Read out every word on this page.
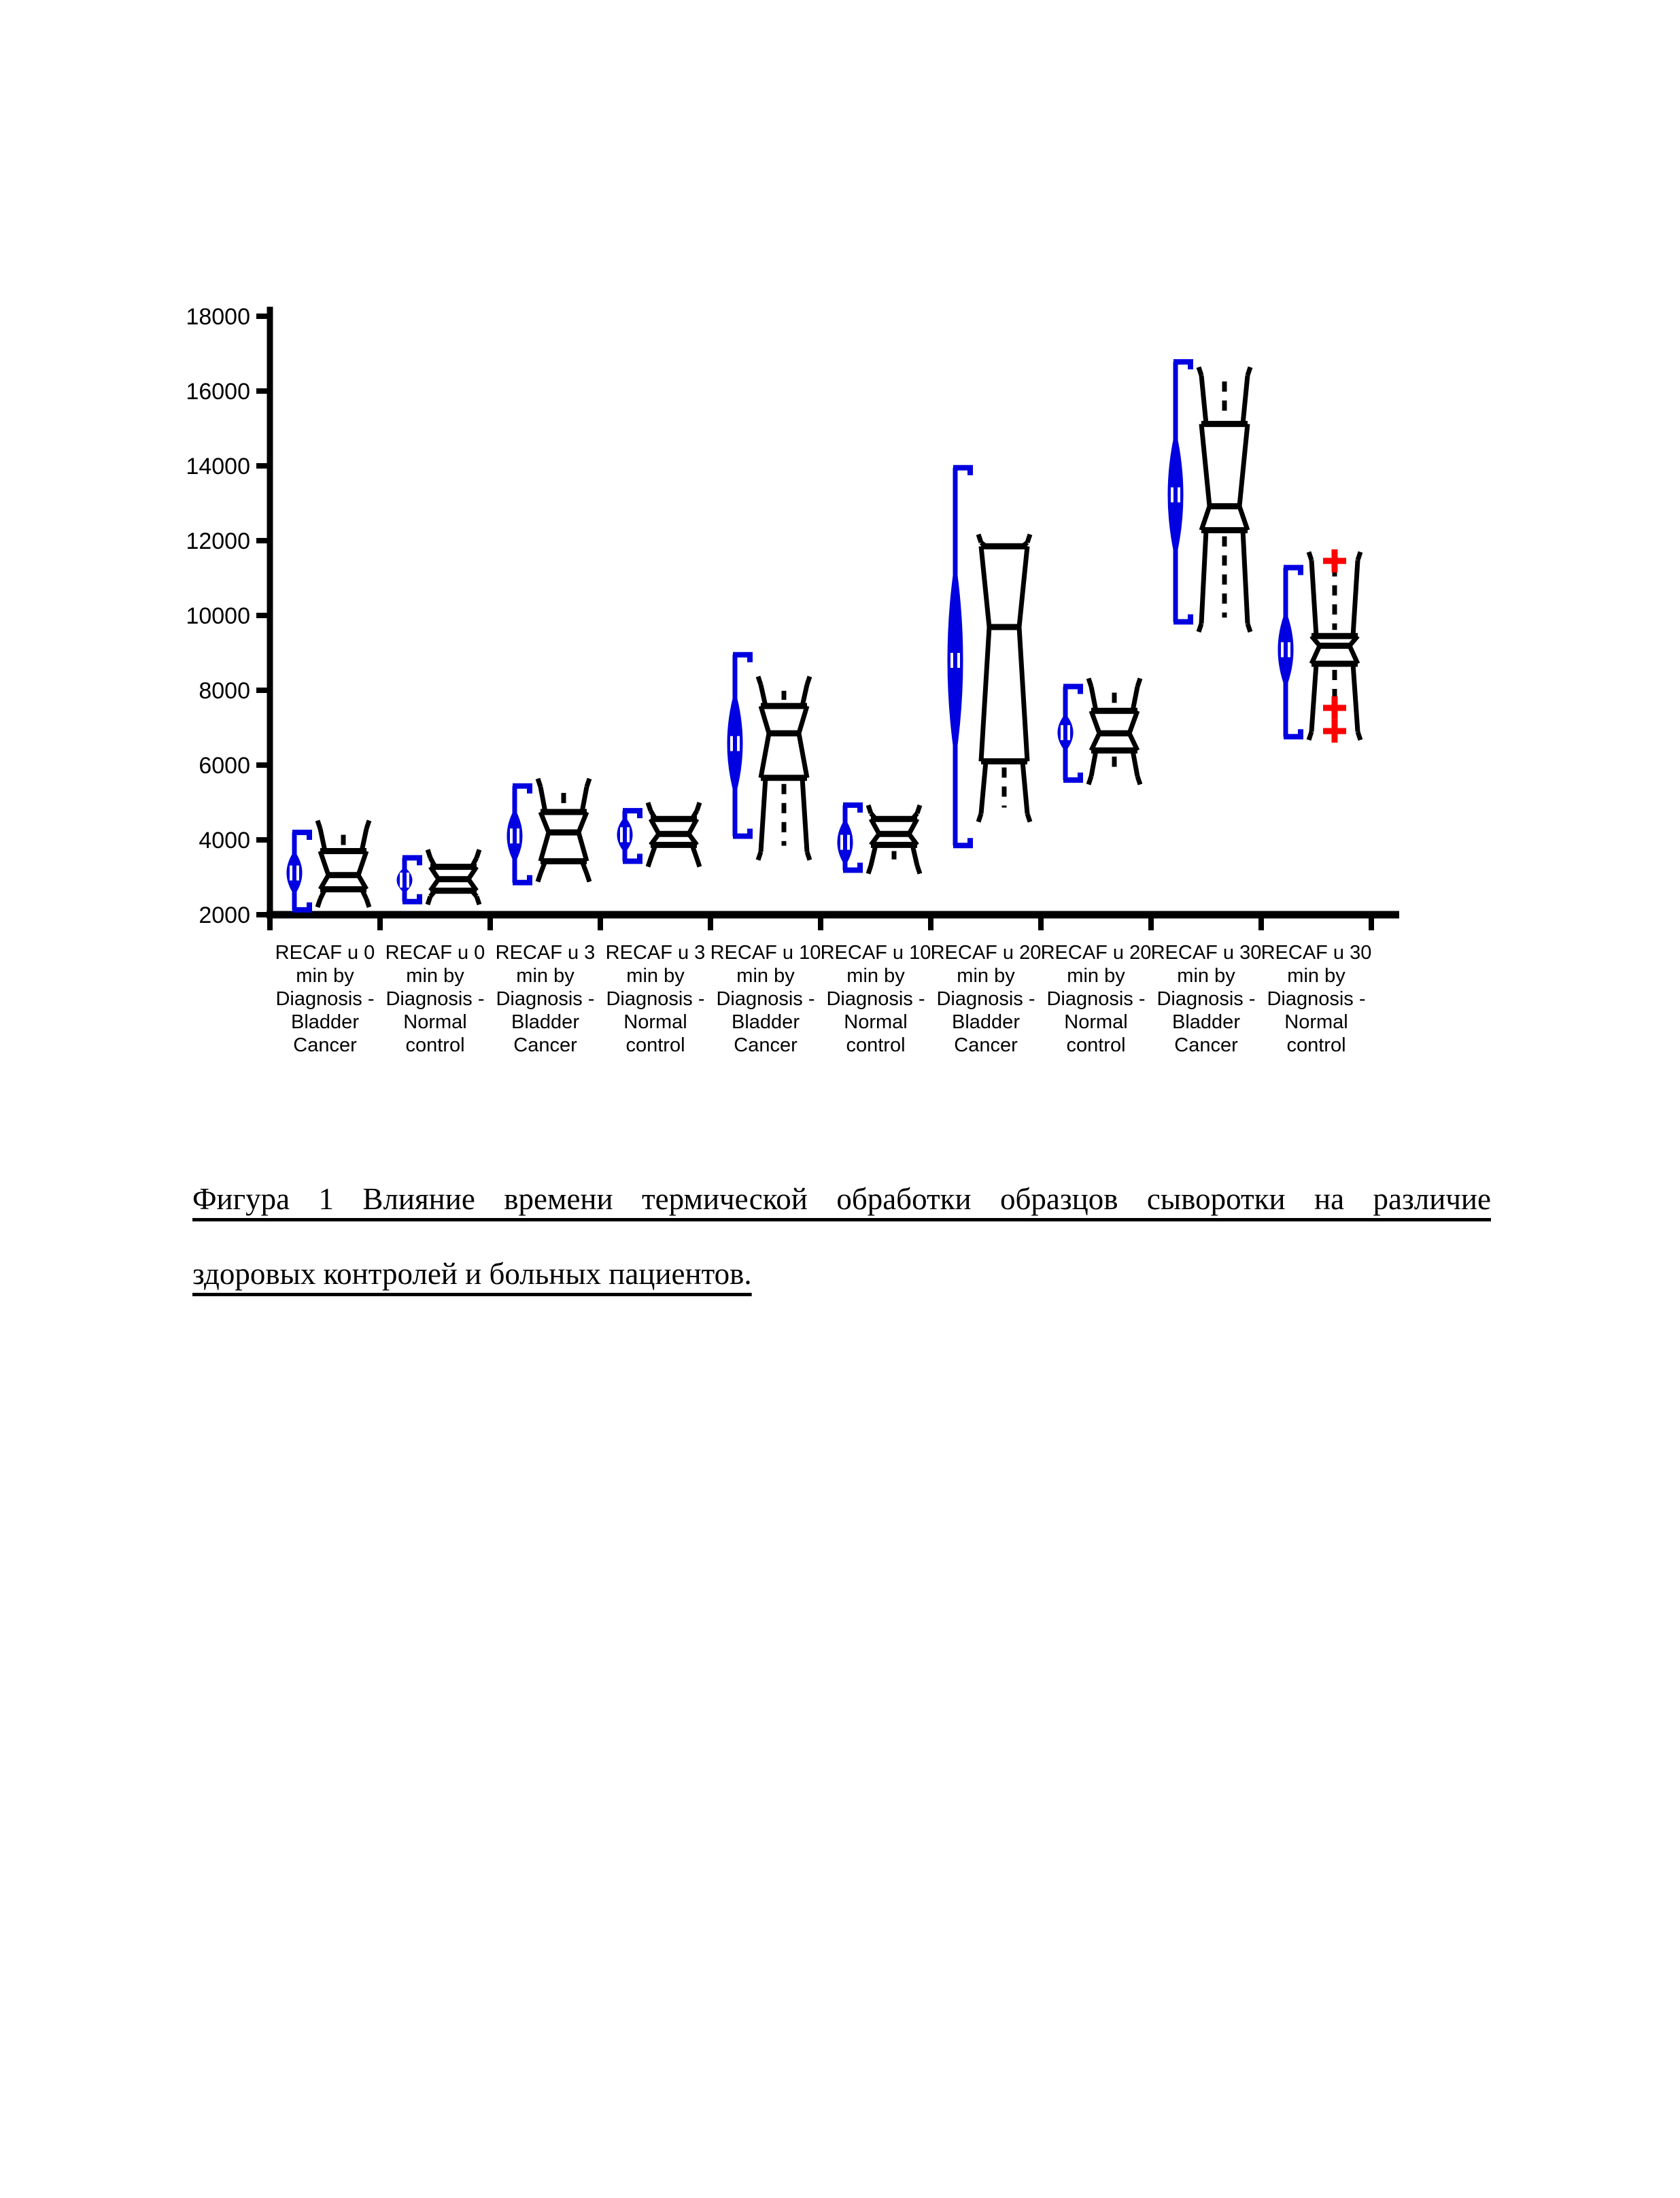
2000
4000
6000
8000
10000
12000
14000
16000
18000
RECAF u 0
min by
Diagnosis -
Bladder
Cancer
RECAF u 0
min by
Diagnosis -
Normal
control
RECAF u 3
min by
Diagnosis -
Bladder
Cancer
RECAF u 3
min by
Diagnosis -
Normal
control
RECAF u 10
min by
Diagnosis -
Bladder
Cancer
RECAF u 10
min by
Diagnosis -
Normal
control
RECAF u 20
min by
Diagnosis -
Bladder
Cancer
RECAF u 20
min by
Diagnosis -
Normal
control
RECAF u 30
min by
Diagnosis -
Bladder
Cancer
RECAF u 30
min by
Diagnosis -
Normal
control
Фигура 1 Влияние времени термической обработки образцов сыворотки на различие
здоровых контролей и больных пациентов.
